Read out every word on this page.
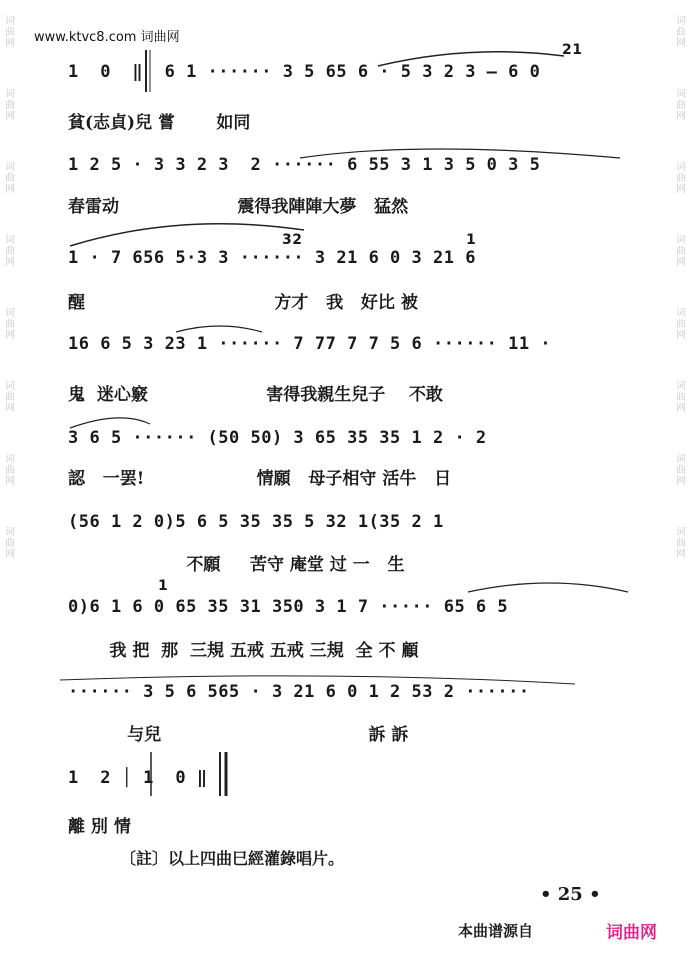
词
曲
网
词
曲
网
词
曲
网
词
曲
网
词
曲
网
词
曲
网
词
曲
网
词
曲
网
词
曲
网
词
曲
网
词
曲
网
词
曲
网
词
曲
网
词
曲
网
词
曲
网
词
曲
网
www.ktvc8.com 词曲网
1  0  ‖  6 1 ······ 3 5 65 6 · 5 3 2 3 — 6 0
貧(志貞)兒 嘗       如同
1 2 5 · 3 3 2 3  2 ······ 6 55 3 1 3 5 0 3 5
春雷动                    震得我陣陣大夢   猛然
1 · 7 656 5·3 3 ······ 3 21 6 0 3 21 6
醒                                方才   我   好比 被
16 6 5 3 23 1 ······ 7 77 7 7 5 6 ······ 11 ·
鬼  迷心竅                    害得我親生兒子    不敢
3 6 5 ······ (50 50) 3 65 35 35 1 2 · 2
認   一罢!                   情願   母子相守 活牛   日
(56 1 2 0)5 6 5 35 35 5 32 1(35 2 1
不願     苦守 庵堂 过 一   生
0)6 1 6 0 65 35 31 350 3 1 7 ····· 65 6 5
我 把  那  三規 五戒 五戒 三規  全 不 顧
······ 3 5 6 565 · 3 21 6 0 1 2 53 2 ······
与兒                                   訴 訴
1  2 │ 1  0 ‖
離 別 情
21
1
32
1
〔註〕以上四曲巳經灌錄唱片。
• 25 •
本曲谱源自	词曲网
